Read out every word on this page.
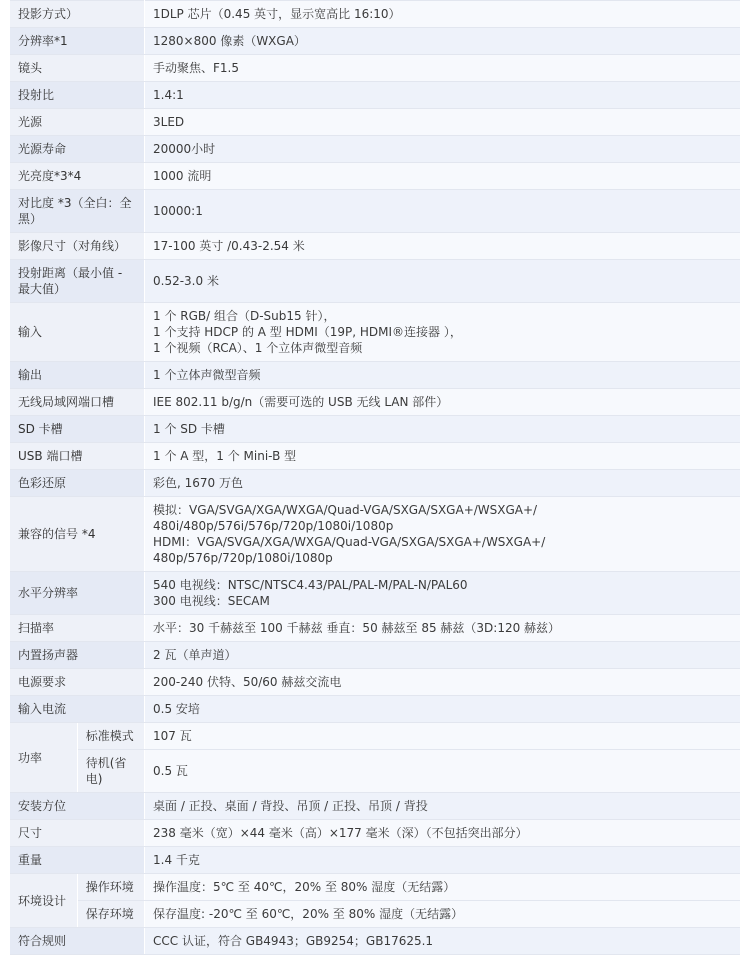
投影方式）		1DLP 芯片（0.45 英寸，显示宽高比 16:10）

分辨率*1		1280×800 像素（WXGA）

镜头		手动聚焦、F1.5

投射比		1.4:1

光源		3LED

光源寿命		20000小时

光亮度*3*4		1000 流明

对比度 *3（全白：全黑）		10000:1

影像尺寸（对角线）		17-100 英寸 /0.43-2.54 米

投射距离（最小值 - 最大值）		0.52-3.0 米

输入		1 个 RGB/ 组合（D-Sub15 针），
1 个支持 HDCP 的 A 型 HDMI（19P, HDMI®连接器 ），
1 个视频（RCA）、1 个立体声微型音频

输出		1 个立体声微型音频

无线局域网端口槽		IEE 802.11 b/g/n（需要可选的 USB 无线 LAN 部件）

SD 卡槽		1 个 SD 卡槽

USB 端口槽		1 个 A 型，1 个 Mini-B 型

色彩还原		彩色, 1670 万色

兼容的信号 *4		模拟：VGA/SVGA/XGA/WXGA/Quad-VGA/SXGA/SXGA+/WSXGA+/
480i/480p/576i/576p/720p/1080i/1080p
HDMI：VGA/SVGA/XGA/WXGA/Quad-VGA/SXGA/SXGA+/WSXGA+/
480p/576p/720p/1080i/1080p

水平分辨率		540 电视线：NTSC/NTSC4.43/PAL/PAL-M/PAL-N/PAL60
300 电视线：SECAM

扫描率		水平：30 千赫兹至 100 千赫兹 垂直：50 赫兹至 85 赫兹（3D:120 赫兹）

内置扬声器		2 瓦（单声道）

电源要求		200-240 伏特、50/60 赫兹交流电

输入电流		0.5 安培

功率	标准模式	107 瓦

	待机(省电)	0.5 瓦

安装方位		桌面 / 正投、桌面 / 背投、吊顶 / 正投、吊顶 / 背投

尺寸		238 毫米（宽）×44 毫米（高）×177 毫米（深）（不包括突出部分）

重量		1.4 千克

环境设计	操作环境	操作温度：5℃ 至 40℃，20% 至 80% 湿度（无结露）

	保存环境	保存温度: -20℃ 至 60℃，20% 至 80% 湿度（无结露）

符合规则		CCC 认证，符合 GB4943；GB9254；GB17625.1
